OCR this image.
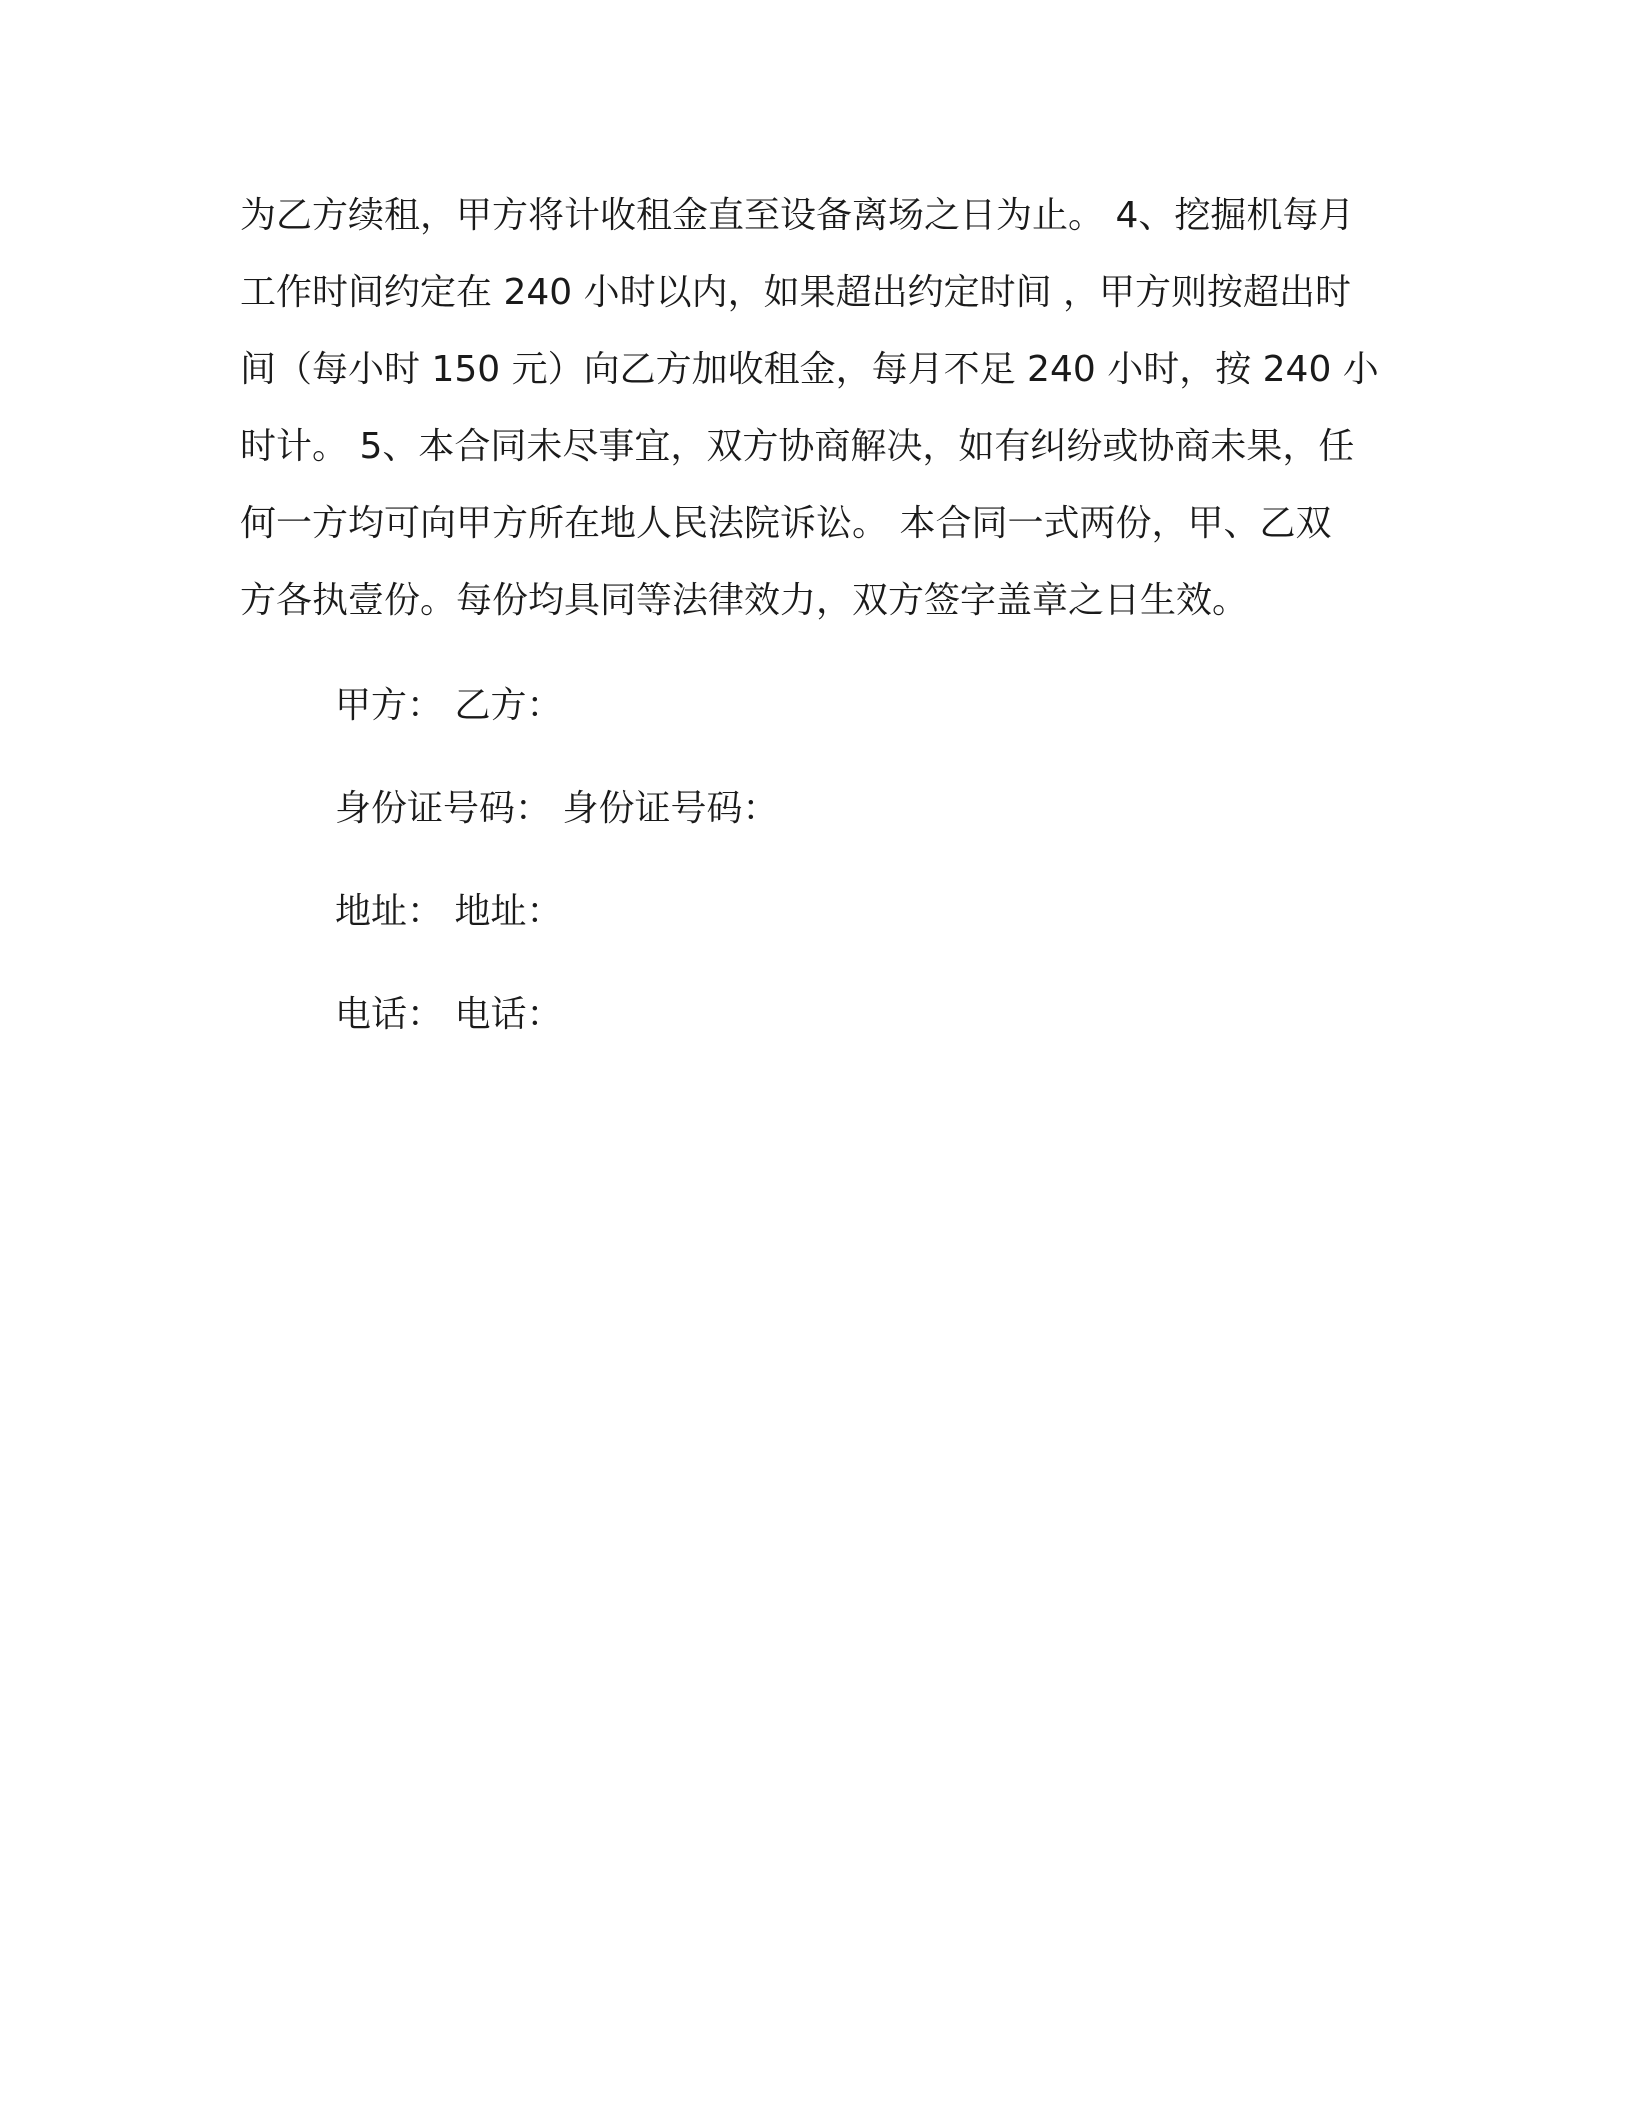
为乙方续租，甲方将计收租金直至设备离场之日为止。 4、挖掘机每月
工作时间约定在 240 小时以内，如果超出约定时间 ，甲方则按超出时
间（每小时 150 元）向乙方加收租金，每月不足 240 小时，按 240 小
时计。 5、本合同未尽事宜，双方协商解决，如有纠纷或协商未果，任
何一方均可向甲方所在地人民法院诉讼。 本合同一式两份，甲、乙双
方各执壹份。每份均具同等法律效力，双方签字盖章之日生效。
甲方： 乙方：
身份证号码： 身份证号码：
地址： 地址：
电话： 电话：
